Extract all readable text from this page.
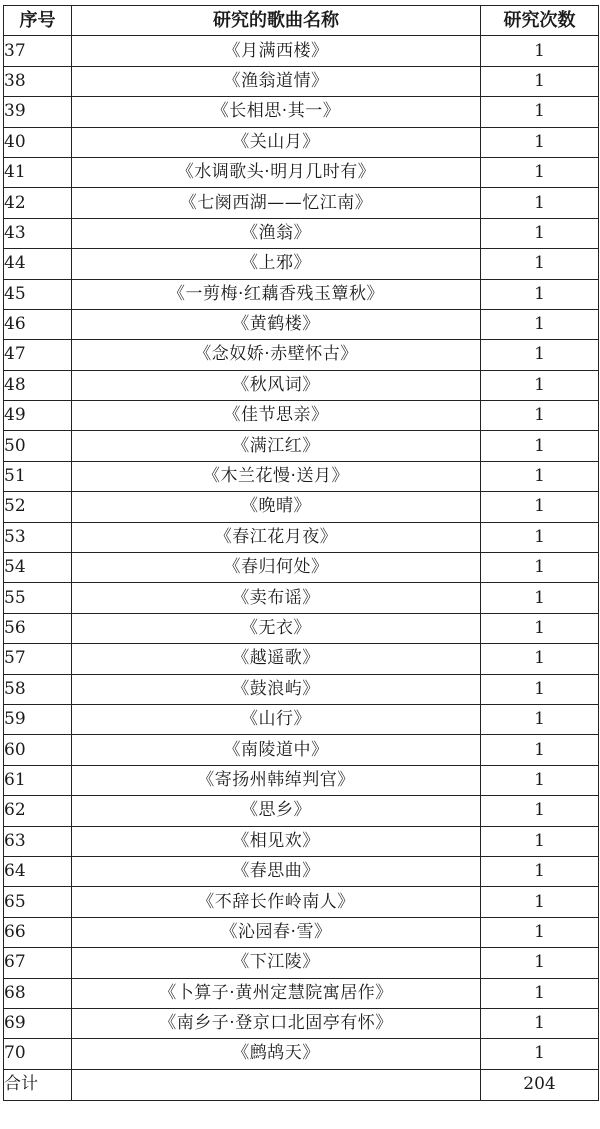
序号	研究的歌曲名称	研究次数
37	《月满西楼》	1
38	《渔翁道情》	1
39	《长相思·其一》	1
40	《关山月》	1
41	《水调歌头·明月几时有》	1
42	《七阕西湖——忆江南》	1
43	《渔翁》	1
44	《上邪》	1
45	《一剪梅·红藕香残玉簟秋》	1
46	《黄鹤楼》	1
47	《念奴娇·赤壁怀古》	1
48	《秋风词》	1
49	《佳节思亲》	1
50	《满江红》	1
51	《木兰花慢·送月》	1
52	《晚晴》	1
53	《春江花月夜》	1
54	《春归何处》	1
55	《卖布谣》	1
56	《无衣》	1
57	《越遥歌》	1
58	《鼓浪屿》	1
59	《山行》	1
60	《南陵道中》	1
61	《寄扬州韩绰判官》	1
62	《思乡》	1
63	《相见欢》	1
64	《春思曲》	1
65	《不辞长作岭南人》	1
66	《沁园春·雪》	1
67	《下江陵》	1
68	《卜算子·黄州定慧院寓居作》	1
69	《南乡子·登京口北固亭有怀》	1
70	《鹧鸪天》	1
合计		204
